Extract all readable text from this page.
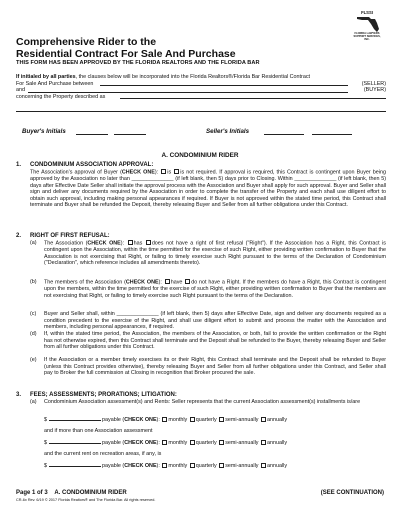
FLSSI
FLORIDA LAWYERS SUPPORT SERVICES, INC.
Comprehensive Rider to the
Residential Contract For Sale And Purchase
THIS FORM HAS BEEN APPROVED BY THE FLORIDA REALTORS AND THE FLORIDA BAR
If initialed by all parties, the clauses below will be incorporated into the Florida Realtors®/Florida Bar Residential Contract
For Sale And Purchase between	(SELLER)
and	(BUYER)
concerning the Property described as
Buyer's Initials	Seller's Initials
A. CONDOMINIUM RIDER
1. CONDOMINIUM ASSOCIATION APPROVAL:
The Association's approval of Buyer (CHECK ONE): is is not required. If approval is required, this Contract is contingent upon Buyer being approved by the Association no later than ______________ (if left blank, then 5) days prior to Closing. Within ______________ (if left blank, then 5) days after Effective Date Seller shall initiate the approval process with the Association and Buyer shall apply for such approval. Buyer and Seller shall sign and deliver any documents required by the Association in order to complete the transfer of the Property and each shall use diligent effort to obtain such approval, including making personal appearances if required. If Buyer is not approved within the stated time period, this Contract shall terminate and Buyer shall be refunded the Deposit, thereby releasing Buyer and Seller from all further obligations under this Contract.
2. RIGHT OF FIRST REFUSAL:
(a) The Association (CHECK ONE): has does not have a right of first refusal ("Right"). If the Association has a Right, this Contract is contingent upon the Association, within the time permitted for the exercise of such Right, either providing written confirmation to Buyer that the Association is not exercising that Right, or failing to timely exercise such Right pursuant to the terms of the Declaration of Condominium ("Declaration", which reference includes all amendments thereto).
(b) The members of the Association (CHECK ONE): have do not have a Right. If the members do have a Right, this Contract is contingent upon the members, within the time permitted for the exercise of such Right, either providing written confirmation to Buyer that the members are not exercising that Right, or failing to timely exercise such Right pursuant to the terms of the Declaration.
(c) Buyer and Seller shall, within ______________ (if left blank, then 5) days after Effective Date, sign and deliver any documents required as a condition precedent to the exercise of the Right, and shall use diligent effort to submit and process the matter with the Association and members, including personal appearances, if required.
(d) If, within the stated time period, the Association, the members of the Association, or both, fail to provide the written confirmation or the Right has not otherwise expired, then this Contract shall terminate and the Deposit shall be refunded to the Buyer, thereby releasing Buyer and Seller from all further obligations under this Contract.
(e) If the Association or a member timely exercises its or their Right, this Contract shall terminate and the Deposit shall be refunded to Buyer (unless this Contract provides otherwise), thereby releasing Buyer and Seller from all further obligations under this Contract, and Seller shall pay to Broker the full commission at Closing in recognition that Broker procured the sale.
3. FEES; ASSESSMENTS; PRORATIONS; LITIGATION:
(a) Condominium Association assessment(s) and Rents: Seller represents that the current Association assessment(s) installments is/are
$	payable (CHECK ONE): monthly quarterly semi-annually annually
and if more than one Association assessment
$	payable (CHECK ONE): monthly quarterly semi-annually annually
and the current rent on recreation areas, if any, is
$	payable (CHECK ONE): monthly quarterly semi-annually annually
Page 1 of 3 A. CONDOMINIUM RIDER	(SEE CONTINUATION)
CR-6x Rev. 6/19 © 2017 Florida Realtors® and The Florida Bar. All rights reserved.
